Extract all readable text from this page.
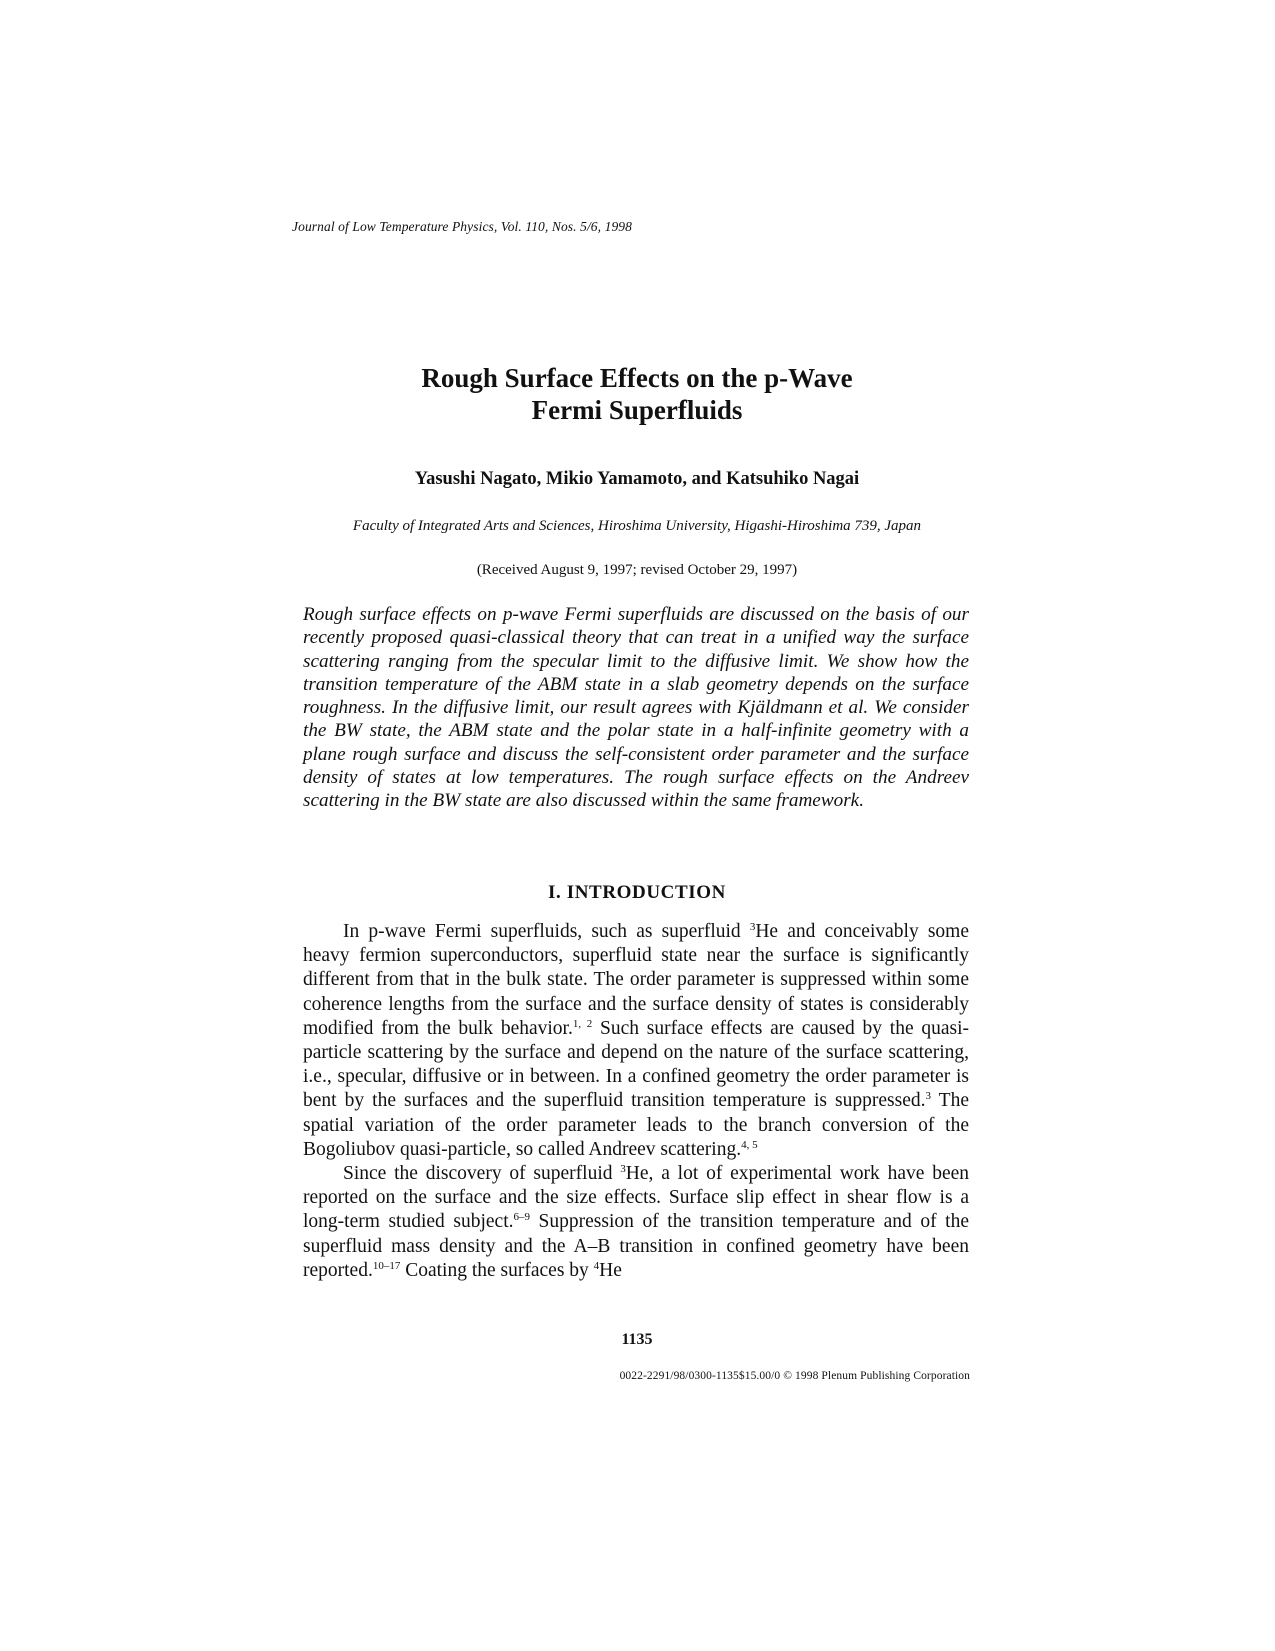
Journal of Low Temperature Physics, Vol. 110, Nos. 5/6, 1998
Rough Surface Effects on the p-Wave
Fermi Superfluids
Yasushi Nagato, Mikio Yamamoto, and Katsuhiko Nagai
Faculty of Integrated Arts and Sciences, Hiroshima University, Higashi-Hiroshima 739, Japan
(Received August 9, 1997; revised October 29, 1997)

Rough surface effects on p-wave Fermi superfluids are discussed on the basis of our recently proposed quasi-classical theory that can treat in a unified way the surface scattering ranging from the specular limit to the diffusive limit. We show how the transition temperature of the ABM state in a slab geometry depends on the surface roughness. In the diffusive limit, our result agrees with Kjäldmann et al. We consider the BW state, the ABM state and the polar state in a half-infinite geometry with a plane rough surface and discuss the self-consistent order parameter and the surface density of states at low temperatures. The rough surface effects on the Andreev scattering in the BW state are also discussed within the same framework.

I. INTRODUCTION

In p-wave Fermi superfluids, such as superfluid $^3$He and conceivably some heavy fermion superconductors, superfluid state near the surface is significantly different from that in the bulk state. The order parameter is suppressed within some coherence lengths from the surface and the surface density of states is considerably modified from the bulk behavior.$^{1, 2}$ Such surface effects are caused by the quasi-particle scattering by the surface and depend on the nature of the surface scattering, i.e., specular, diffusive or in between. In a confined geometry the order parameter is bent by the surfaces and the superfluid transition temperature is suppressed.$^3$ The spatial variation of the order parameter leads to the branch conversion of the Bogoliubov quasi-particle, so called Andreev scattering.$^{4, 5}$

Since the discovery of superfluid $^3$He, a lot of experimental work have been reported on the surface and the size effects. Surface slip effect in shear flow is a long-term studied subject.$^{6-9}$ Suppression of the transition temperature and of the superfluid mass density and the A–B transition in confined geometry have been reported.$^{10-17}$ Coating the surfaces by $^4$He

1135
0022-2291/98/0300-1135$15.00/0 © 1998 Plenum Publishing Corporation
